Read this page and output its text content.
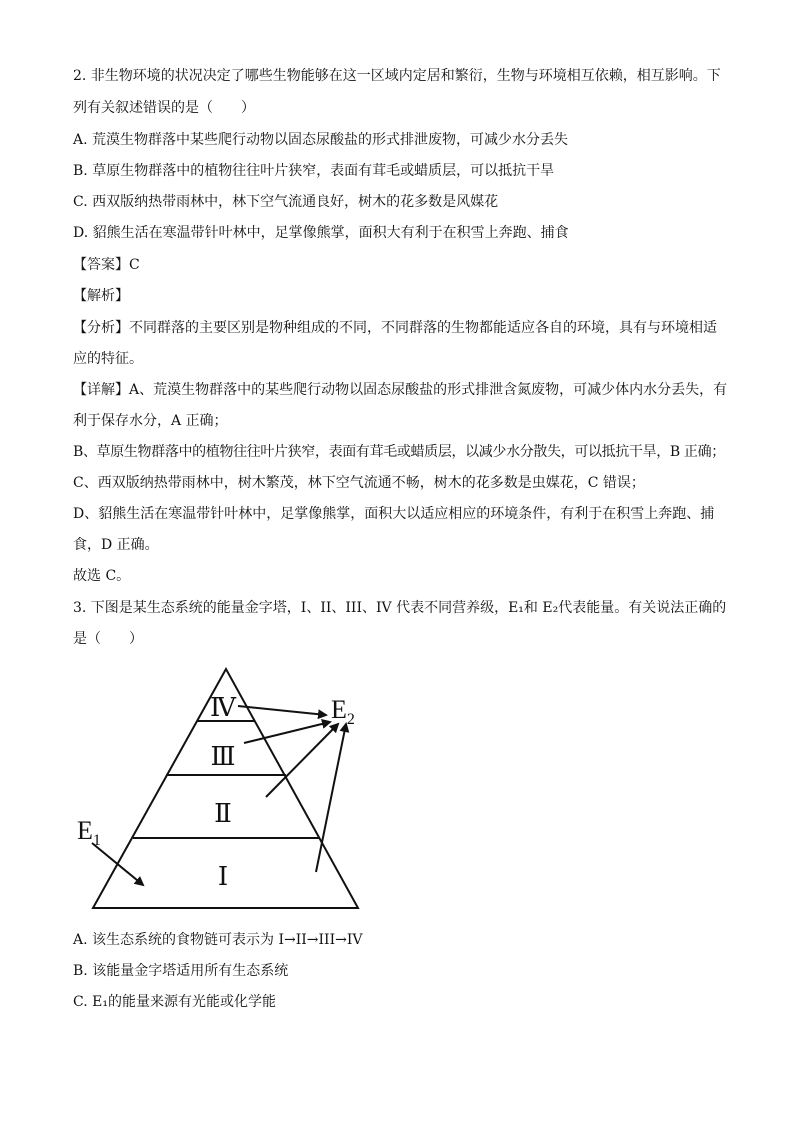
2. 非生物环境的状况决定了哪些生物能够在这一区域内定居和繁衍，生物与环境相互依赖，相互影响。下
列有关叙述错误的是（　　）
A. 荒漠生物群落中某些爬行动物以固态尿酸盐的形式排泄废物，可减少水分丢失
B. 草原生物群落中的植物往往叶片狭窄，表面有茸毛或蜡质层，可以抵抗干旱
C. 西双版纳热带雨林中，林下空气流通良好，树木的花多数是风媒花
D. 貂熊生活在寒温带针叶林中，足掌像熊掌，面积大有利于在积雪上奔跑、捕食
【答案】C
【解析】
【分析】不同群落的主要区别是物种组成的不同，不同群落的生物都能适应各自的环境，具有与环境相适
应的特征。
【详解】A、荒漠生物群落中的某些爬行动物以固态尿酸盐的形式排泄含氮废物，可减少体内水分丢失，有
利于保存水分，A 正确；
B、草原生物群落中的植物往往叶片狭窄，表面有茸毛或蜡质层，以减少水分散失，可以抵抗干旱，B 正确；
C、西双版纳热带雨林中，树木繁茂，林下空气流通不畅，树木的花多数是虫媒花，C 错误；
D、貂熊生活在寒温带针叶林中，足掌像熊掌，面积大以适应相应的环境条件，有利于在积雪上奔跑、捕
食，D 正确。
故选 C。
3. 下图是某生态系统的能量金字塔，I、II、III、IV 代表不同营养级，E₁和 E₂代表能量。有关说法正确的
是（　　）
Ⅳ
Ⅲ
Ⅱ
Ⅰ
$E_2$
$E_1$
A. 该生态系统的食物链可表示为 I→II→III→IV
B. 该能量金字塔适用所有生态系统
C. E₁的能量来源有光能或化学能
